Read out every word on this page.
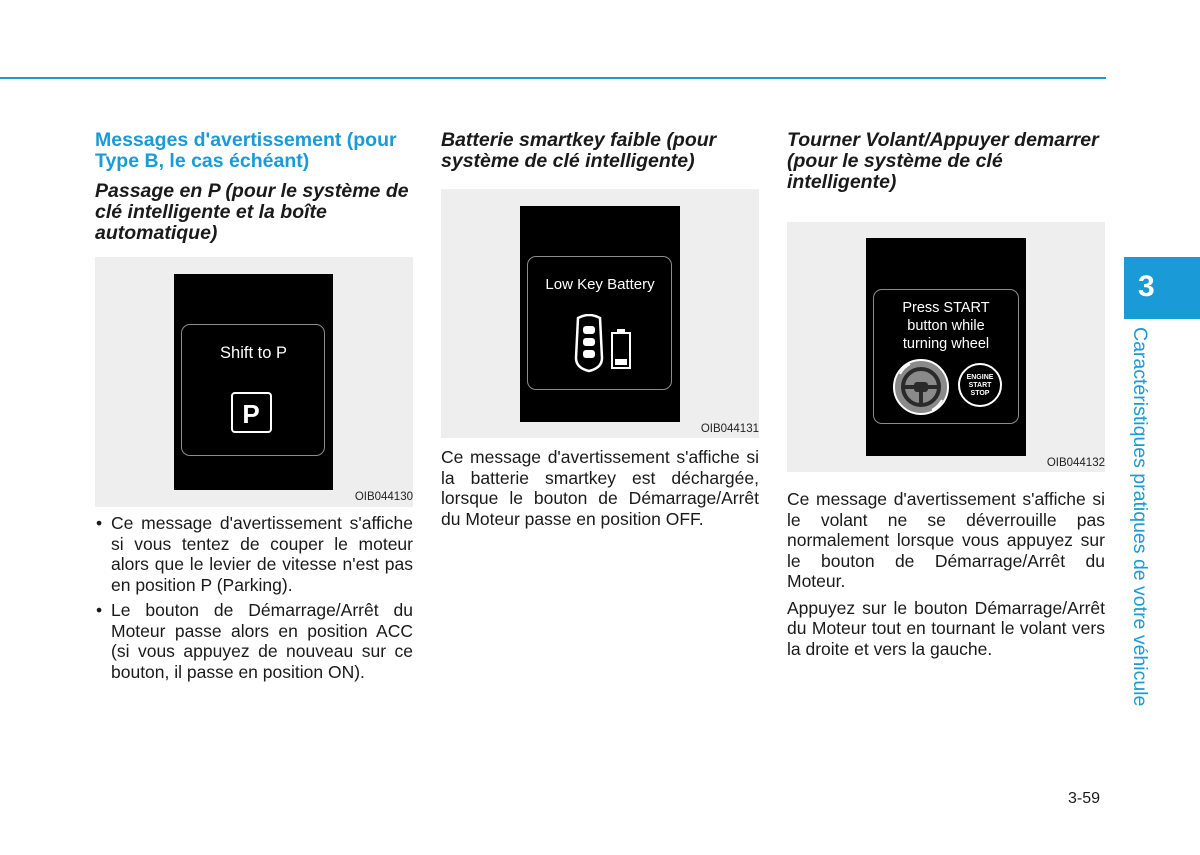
Messages d'avertissement (pour Type B, le cas échéant)
Passage en P (pour le système de clé intelligente et la boîte automatique)
Shift to P
P
OIB044130
• Ce message d'avertissement s'affiche si vous tentez de couper le moteur alors que le levier de vitesse n'est pas en position P (Parking).
• Le bouton de Démarrage/Arrêt du Moteur passe alors en position ACC (si vous appuyez de nouveau sur ce bouton, il passe en position ON).
Batterie smartkey faible (pour système de clé intelligente)
Low Key Battery
OIB044131

Ce message d'avertissement s'affiche si la batterie smartkey est déchargée, lorsque le bouton de Démarrage/Arrêt du Moteur passe en position OFF.

Tourner Volant/Appuyer demarrer (pour le système de clé intelligente)
Press START
button while
turning wheel
ENGINE
START
STOP
OIB044132

Ce message d'avertissement s'affiche si le volant ne se déverrouille pas normalement lorsque vous appuyez sur le bouton de Démarrage/Arrêt du Moteur.

Appuyez sur le bouton Démarrage/Arrêt du Moteur tout en tournant le volant vers la droite et vers la gauche.

3
Caractéristiques pratiques de votre véhicule
3-59
